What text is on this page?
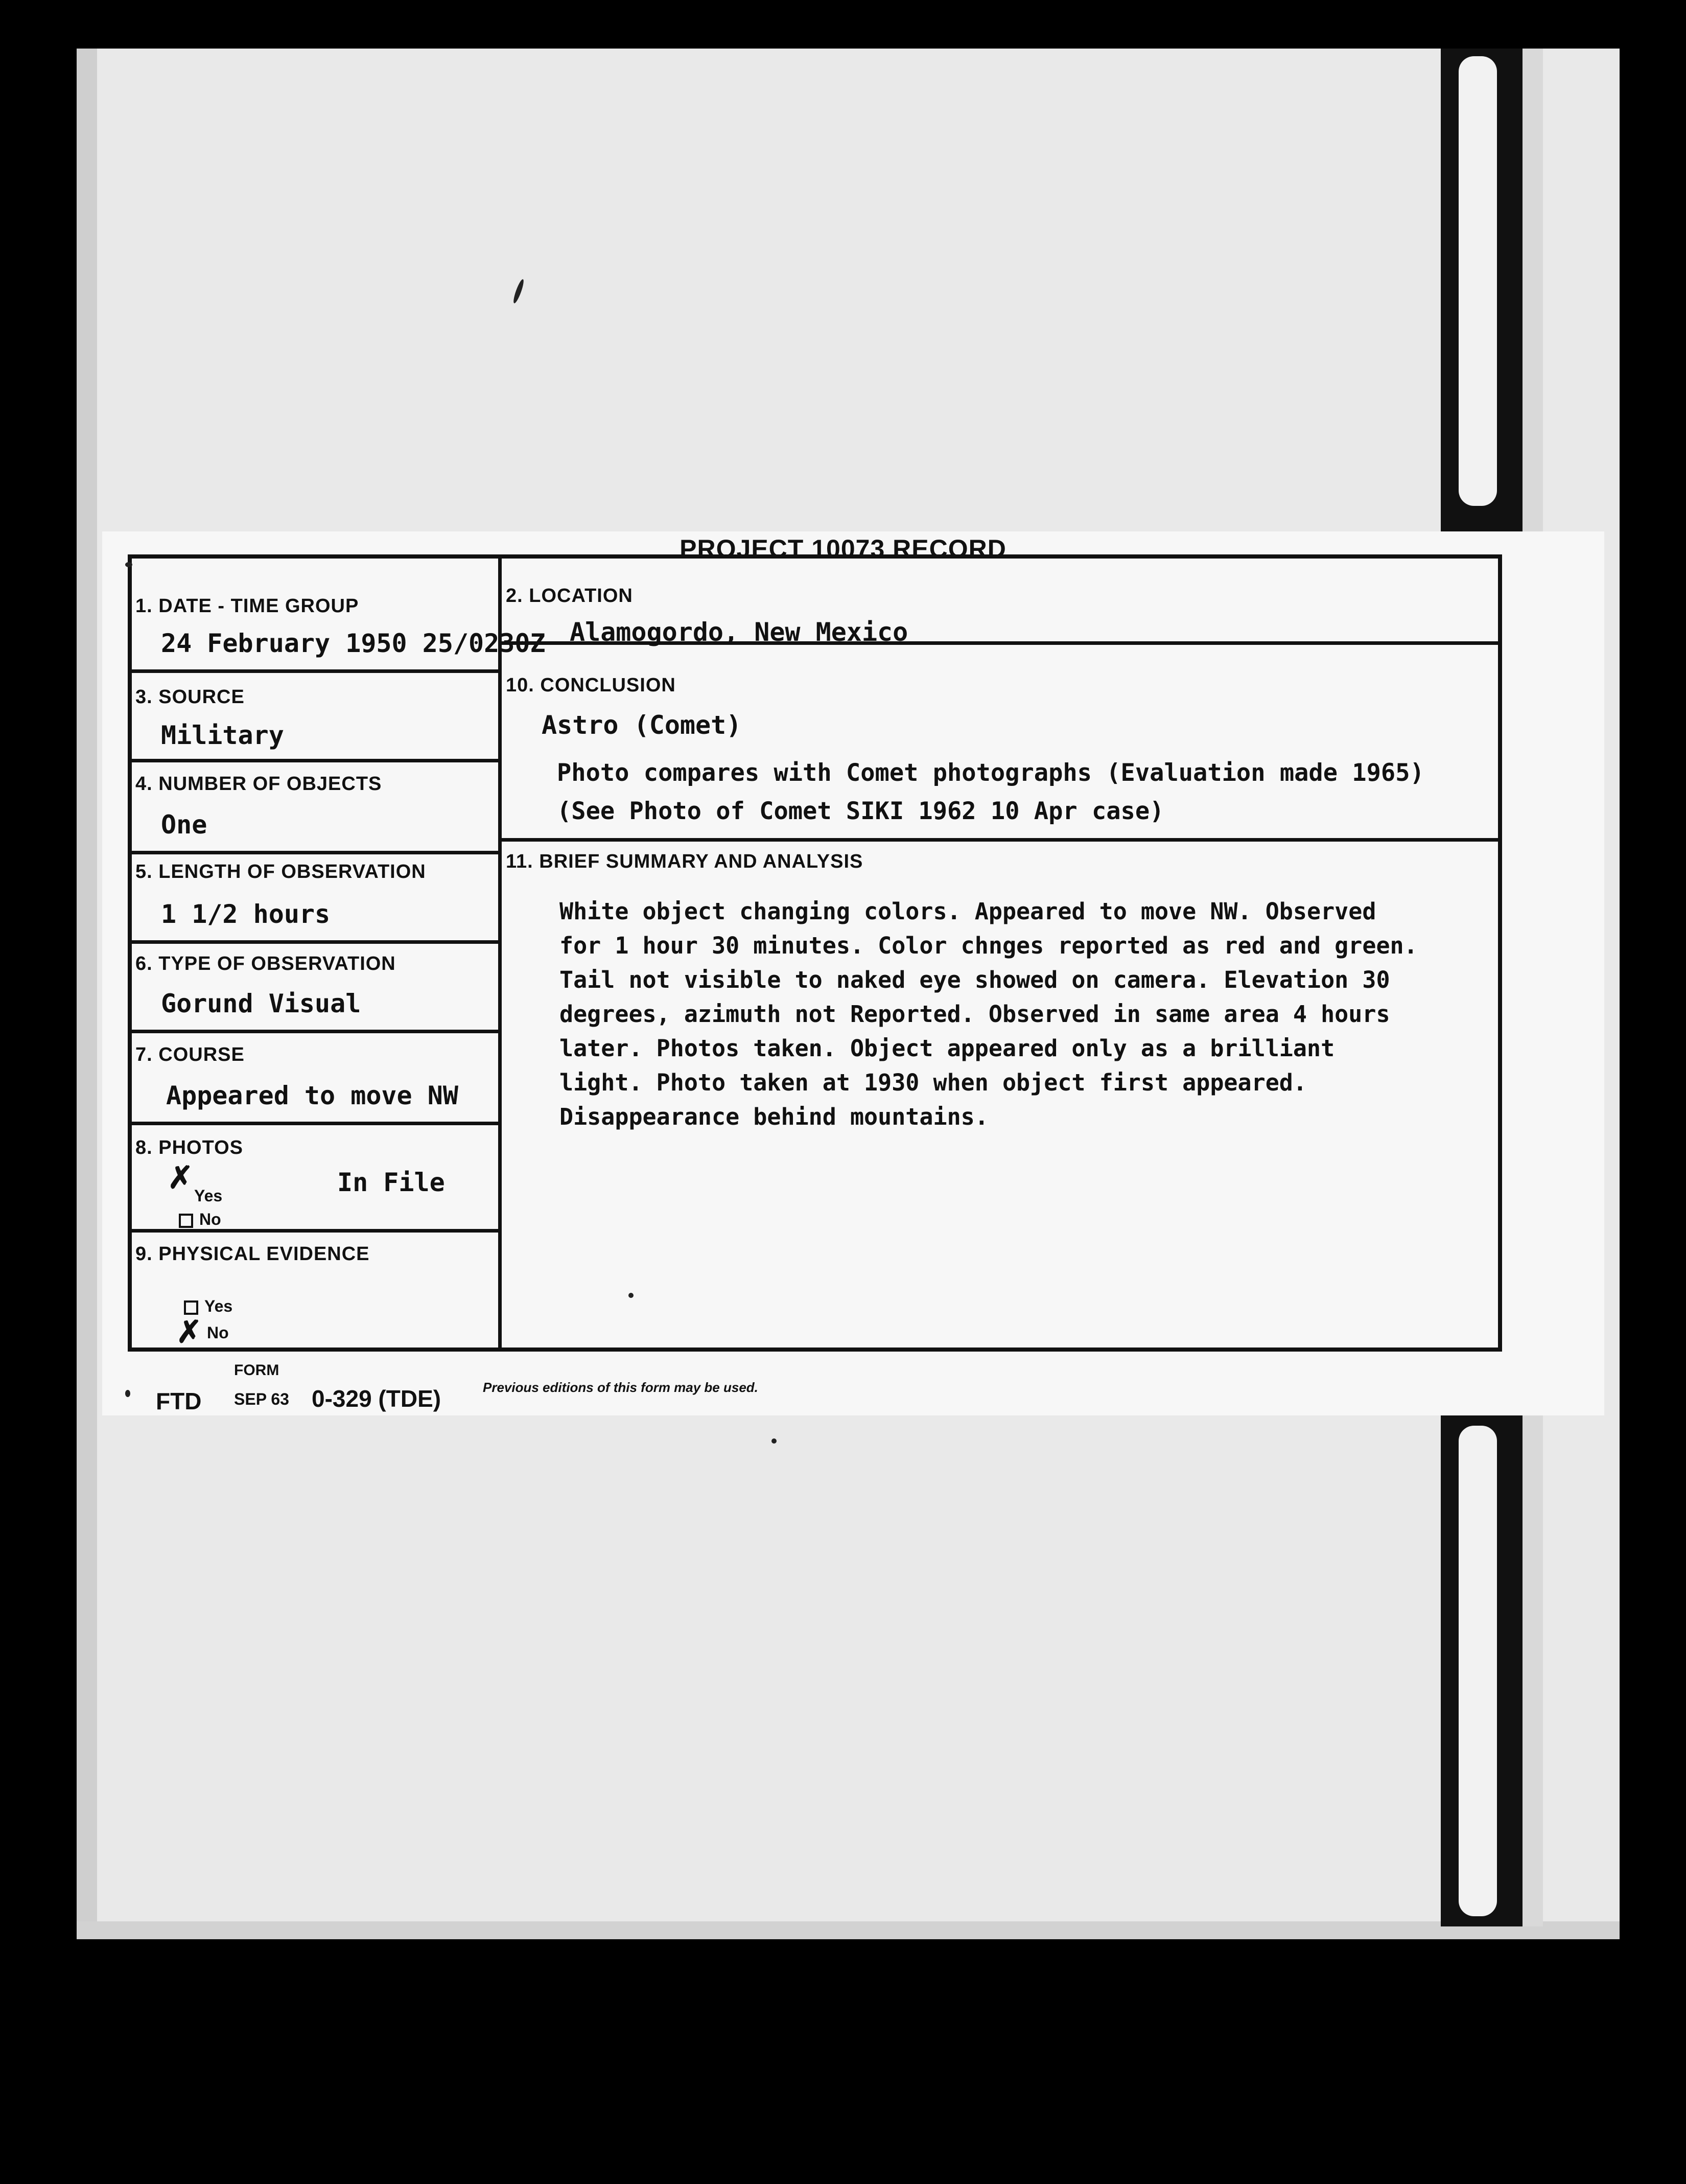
PROJECT 10073 RECORD
1. DATE - TIME GROUP
24 February 1950 25/0230Z
2. LOCATION
Alamogordo, New Mexico
3. SOURCE
Military
4. NUMBER OF OBJECTS
One
5. LENGTH OF OBSERVATION
1 1/2 hours
6. TYPE OF OBSERVATION
Gorund Visual
7. COURSE
Appeared to move NW
8. PHOTOS
✗
Yes
No
In File
9. PHYSICAL EVIDENCE
Yes
✗ No
10. CONCLUSION
Astro (Comet)
Photo compares with Comet photographs (Evaluation made 1965)
(See Photo of Comet SIKI 1962 10 Apr case)
11. BRIEF SUMMARY AND ANALYSIS
White object changing colors. Appeared to move NW. Observed
for 1 hour 30 minutes. Color chnges reported as red and green.
Tail not visible to naked eye showed on camera. Elevation 30
degrees, azimuth not Reported. Observed in same area 4 hours
later. Photos taken. Object appeared only as a brilliant
light. Photo taken at 1930 when object first appeared.
Disappearance behind mountains.
FORM
FTD SEP 63 0-329 (TDE)	Previous editions of this form may be used.
